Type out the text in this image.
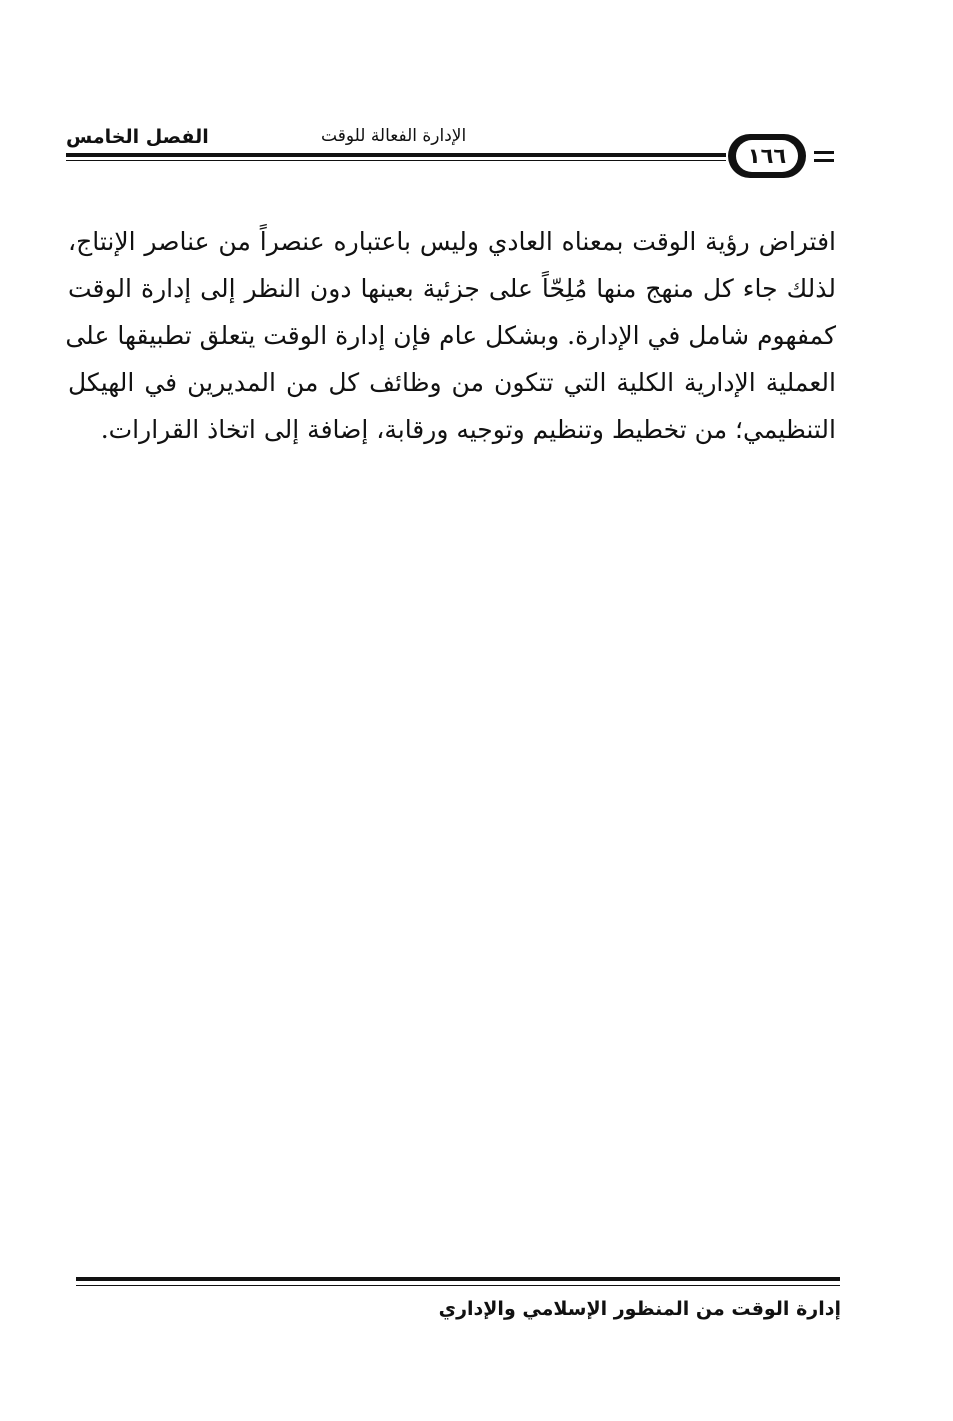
الفصل الخامس	الإدارة الفعالة للوقت
١٦٦
افتراض رؤية الوقت بمعناه العادي وليس باعتباره عنصراً من عناصر الإنتاج،
لذلك جاء كل منهج منها مُلِحّاً على جزئية بعينها دون النظر إلى إدارة الوقت
كمفهوم شامل في الإدارة. وبشكل عام فإن إدارة الوقت يتعلق تطبيقها على
العملية الإدارية الكلية التي تتكون من وظائف كل من المديرين في الهيكل
التنظيمي؛ من تخطيط وتنظيم وتوجيه ورقابة، إضافة إلى اتخاذ القرارات.
إدارة الوقت من المنظور الإسلامي والإداري
